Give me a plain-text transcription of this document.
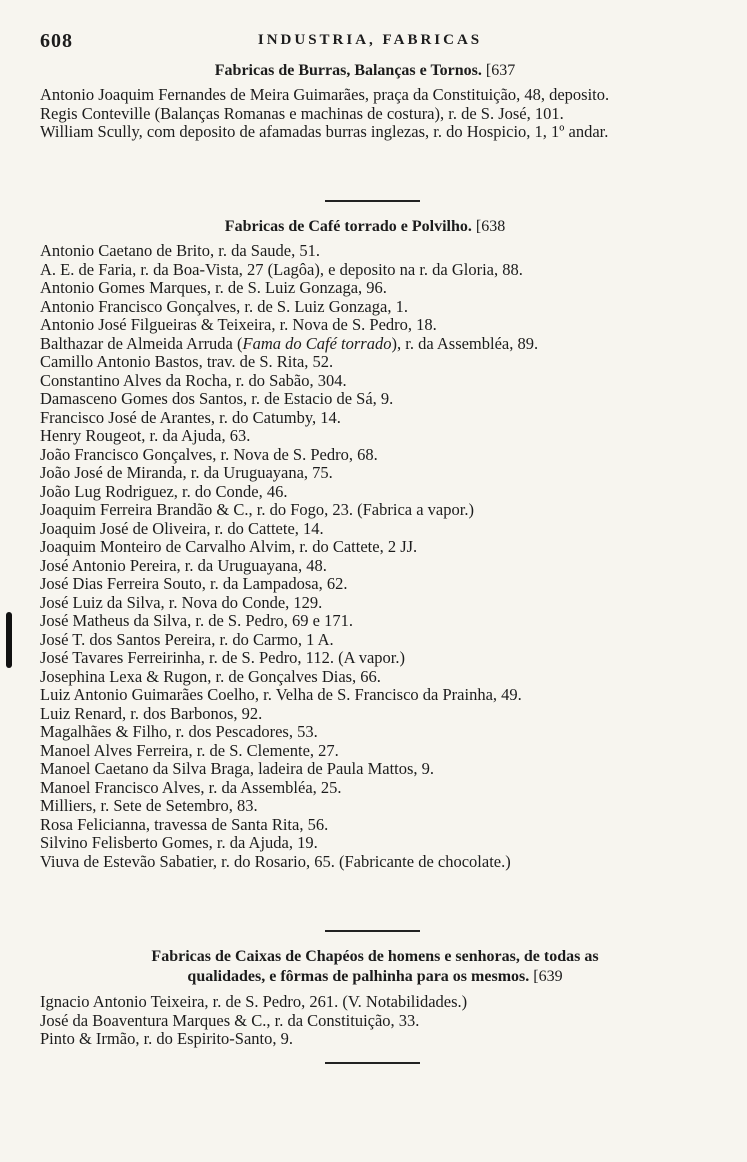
608	INDUSTRIA, FABRICAS
Fabricas de Burras, Balanças e Tornos. [637
Antonio Joaquim Fernandes de Meira Guimarães, praça da Constituição, 48, deposito.
Regis Conteville (Balanças Romanas e machinas de costura), r. de S. José, 101.
William Scully, com deposito de afamadas burras inglezas, r. do Hospicio, 1, 1º andar.
Fabricas de Café torrado e Polvilho. [638
Antonio Caetano de Brito, r. da Saude, 51.
A. E. de Faria, r. da Boa-Vista, 27 (Lagôa), e deposito na r. da Gloria, 88.
Antonio Gomes Marques, r. de S. Luiz Gonzaga, 96.
Antonio Francisco Gonçalves, r. de S. Luiz Gonzaga, 1.
Antonio José Filgueiras & Teixeira, r. Nova de S. Pedro, 18.
Balthazar de Almeida Arruda (Fama do Café torrado), r. da Assembléa, 89.
Camillo Antonio Bastos, trav. de S. Rita, 52.
Constantino Alves da Rocha, r. do Sabão, 304.
Damasceno Gomes dos Santos, r. de Estacio de Sá, 9.
Francisco José de Arantes, r. do Catumby, 14.
Henry Rougeot, r. da Ajuda, 63.
João Francisco Gonçalves, r. Nova de S. Pedro, 68.
João José de Miranda, r. da Uruguayana, 75.
João Lug Rodriguez, r. do Conde, 46.
Joaquim Ferreira Brandão & C., r. do Fogo, 23. (Fabrica a vapor.)
Joaquim José de Oliveira, r. do Cattete, 14.
Joaquim Monteiro de Carvalho Alvim, r. do Cattete, 2 JJ.
José Antonio Pereira, r. da Uruguayana, 48.
José Dias Ferreira Souto, r. da Lampadosa, 62.
José Luiz da Silva, r. Nova do Conde, 129.
José Matheus da Silva, r. de S. Pedro, 69 e 171.
José T. dos Santos Pereira, r. do Carmo, 1 A.
José Tavares Ferreirinha, r. de S. Pedro, 112. (A vapor.)
Josephina Lexa & Rugon, r. de Gonçalves Dias, 66.
Luiz Antonio Guimarães Coelho, r. Velha de S. Francisco da Prainha, 49.
Luiz Renard, r. dos Barbonos, 92.
Magalhães & Filho, r. dos Pescadores, 53.
Manoel Alves Ferreira, r. de S. Clemente, 27.
Manoel Caetano da Silva Braga, ladeira de Paula Mattos, 9.
Manoel Francisco Alves, r. da Assembléa, 25.
Milliers, r. Sete de Setembro, 83.
Rosa Felicianna, travessa de Santa Rita, 56.
Silvino Felisberto Gomes, r. da Ajuda, 19.
Viuva de Estevão Sabatier, r. do Rosario, 65. (Fabricante de chocolate.)
Fabricas de Caixas de Chapéos de homens e senhoras, de todas as
qualidades, e fôrmas de palhinha para os mesmos. [639
Ignacio Antonio Teixeira, r. de S. Pedro, 261. (V. Notabilidades.)
José da Boaventura Marques & C., r. da Constituição, 33.
Pinto & Irmão, r. do Espirito-Santo, 9.
